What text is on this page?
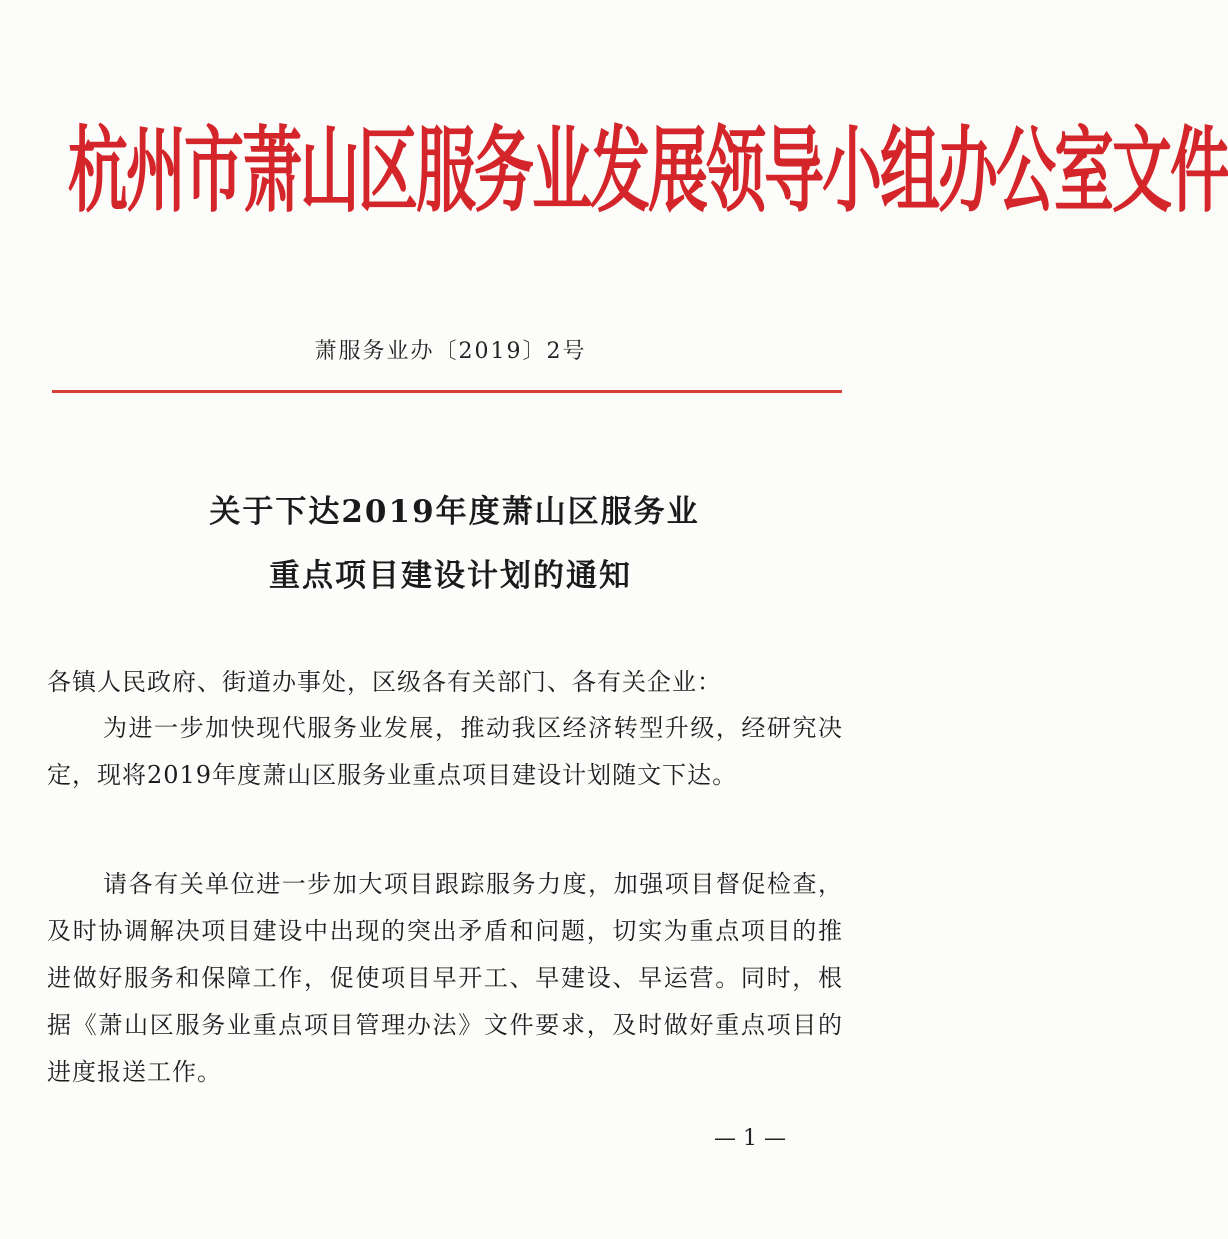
杭州市萧山区服务业发展领导小组办公室文件
萧服务业办〔2019〕2号
关于下达2019年度萧山区服务业
重点项目建设计划的通知
各镇人民政府、街道办事处，区级各有关部门、各有关企业：
为进一步加快现代服务业发展，推动我区经济转型升级，经研究决定，现将2019年度萧山区服务业重点项目建设计划随文下达。
请各有关单位进一步加大项目跟踪服务力度，加强项目督促检查，及时协调解决项目建设中出现的突出矛盾和问题，切实为重点项目的推进做好服务和保障工作，促使项目早开工、早建设、早运营。同时，根据《萧山区服务业重点项目管理办法》文件要求，及时做好重点项目的进度报送工作。
— 1 —
